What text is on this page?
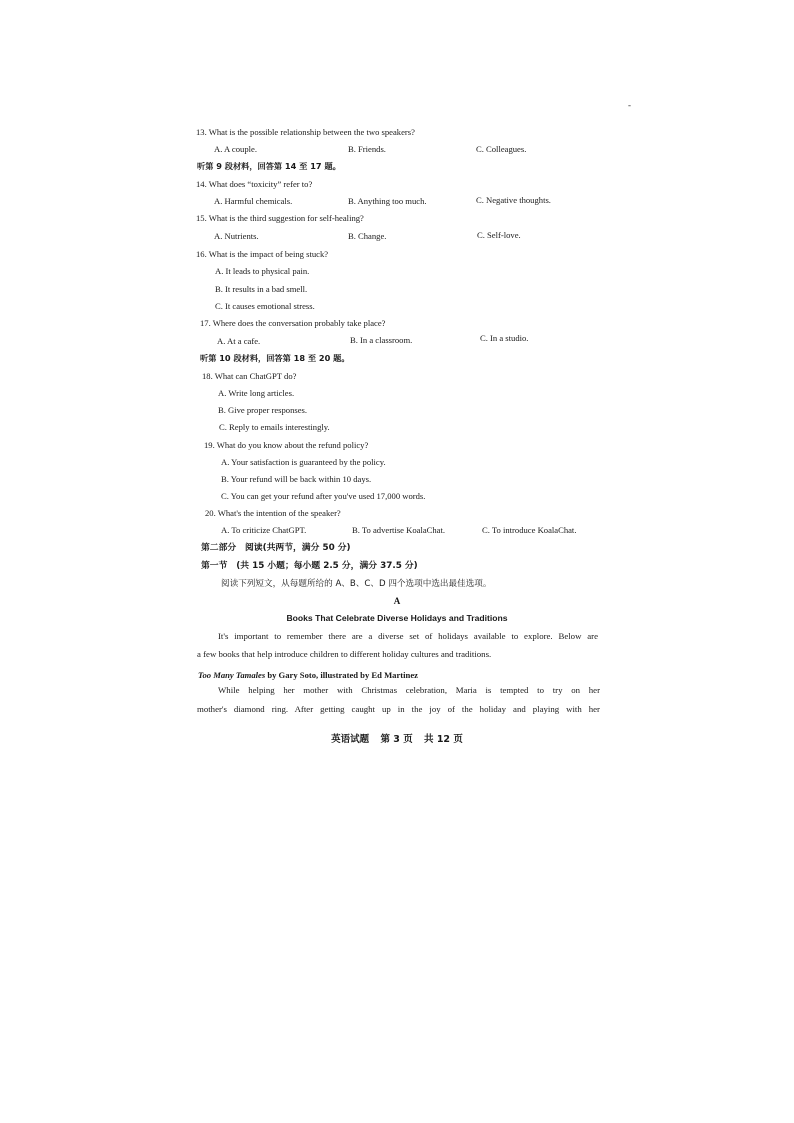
-
13. What is the possible relationship between the two speakers?
A. A couple.	B. Friends.	C. Colleagues.
听第 9 段材料，回答第 14 至 17 题。
14. What does “toxicity” refer to?
A. Harmful chemicals.	B. Anything too much.	C. Negative thoughts.
15. What is the third suggestion for self-healing?
A. Nutrients.	B. Change.	C. Self-love.
16. What is the impact of being stuck?
A. It leads to physical pain.
B. It results in a bad smell.
C. It causes emotional stress.
17. Where does the conversation probably take place?
A. At a cafe.	B. In a classroom.	C. In a studio.
听第 10 段材料，回答第 18 至 20 题。
18. What can ChatGPT do?
A. Write long articles.
B. Give proper responses.
C. Reply to emails interestingly.
19. What do you know about the refund policy?
A. Your satisfaction is guaranteed by the policy.
B. Your refund will be back within 10 days.
C. You can get your refund after you've used 17,000 words.
20. What's the intention of the speaker?
A. To criticize ChatGPT.	B. To advertise KoalaChat.	C. To introduce KoalaChat.
第二部分　阅读(共两节，满分 50 分)
第一节　(共 15 小题；每小题 2.5 分，满分 37.5 分)
阅读下列短文，从每题所给的 A、B、C、D 四个选项中选出最佳选项。
A
Books That Celebrate Diverse Holidays and Traditions
It's important to remember there are a diverse set of holidays available to explore. Below are
a few books that help introduce children to different holiday cultures and traditions.
Too Many Tamales by Gary Soto, illustrated by Ed Martinez
While helping her mother with Christmas celebration, Maria is tempted to try on her
mother's diamond ring. After getting caught up in the joy of the holiday and playing with her
英语试题 第 3 页 共 12 页
